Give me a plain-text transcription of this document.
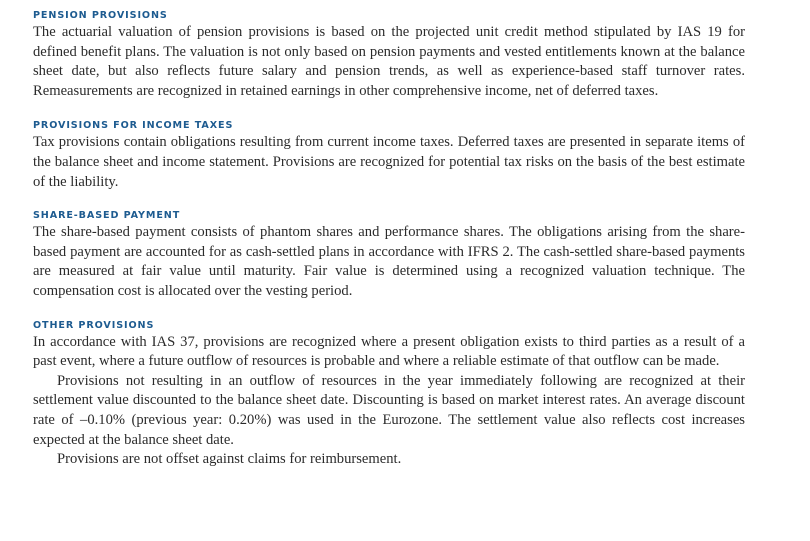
PENSION PROVISIONS

The actuarial valuation of pension provisions is based on the projected unit credit method stipulated by IAS 19 for defined benefit plans. The valuation is not only based on pension payments and vested entitlements known at the balance sheet date, but also reflects future salary and pension trends, as well as experience-based staff turnover rates. Remeasurements are recognized in retained earnings in other comprehensive income, net of deferred taxes.

PROVISIONS FOR INCOME TAXES

Tax provisions contain obligations resulting from current income taxes. Deferred taxes are presented in separate items of the balance sheet and income statement. Provisions are recognized for potential tax risks on the basis of the best estimate of the liability.

SHARE-BASED PAYMENT

The share-based payment consists of phantom shares and performance shares. The obligations arising from the share-based payment are accounted for as cash-settled plans in accordance with IFRS 2. The cash-settled share-based payments are measured at fair value until maturity. Fair value is determined using a recognized valuation technique. The compensation cost is allocated over the vesting period.

OTHER PROVISIONS

In accordance with IAS 37, provisions are recognized where a present obligation exists to third parties as a result of a past event, where a future outflow of resources is probable and where a reliable estimate of that outflow can be made.

Provisions not resulting in an outflow of resources in the year immediately following are recognized at their settlement value discounted to the balance sheet date. Discounting is based on market interest rates. An average discount rate of –0.10% (previous year: 0.20%) was used in the Eurozone. The settlement value also reflects cost increases expected at the balance sheet date.

Provisions are not offset against claims for reimbursement.
